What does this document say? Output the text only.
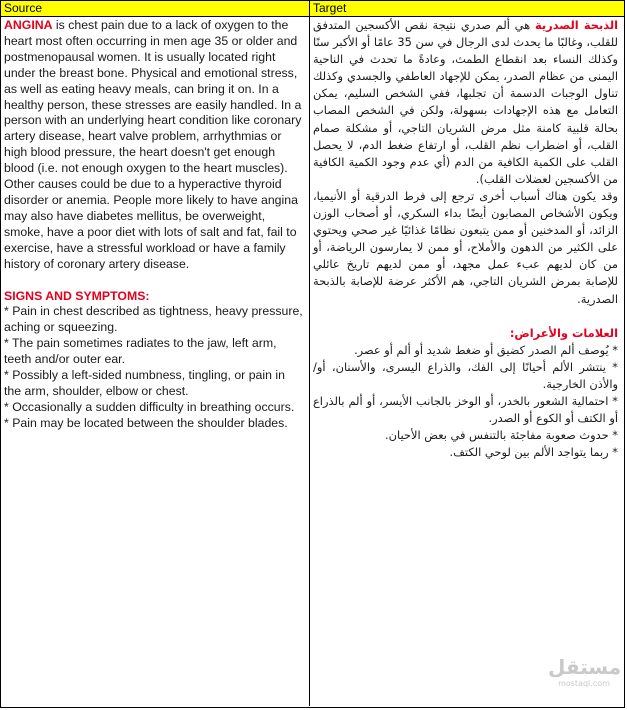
Source	Target

ANGINA is chest pain due to a lack of oxygen to the heart most often occurring in men age 35 or older and postmenopausal women. It is usually located right under the breast bone. Physical and emotional stress, as well as eating heavy meals, can bring it on. In a healthy person, these stresses are easily handled. In a person with an underlying heart condition like coronary artery disease, heart valve problem, arrhythmias or high blood pressure, the heart doesn't get enough blood (i.e. not enough oxygen to the heart muscles). Other causes could be due to a hyperactive thyroid disorder or anemia. People more likely to have angina may also have diabetes mellitus, be overweight, smoke, have a poor diet with lots of salt and fat, fail to exercise, have a stressful workload or have a family history of coronary artery disease.

SIGNS AND SYMPTOMS:

* Pain in chest described as tightness, heavy pressure, aching or squeezing.

* The pain sometimes radiates to the jaw, left arm, teeth and/or outer ear.

* Possibly a left-sided numbness, tingling, or pain in the arm, shoulder, elbow or chest.

* Occasionally a sudden difficulty in breathing occurs.

* Pain may be located between the shoulder blades.

الذبحة الصدرية هي ألم صدري نتيجة نقص الأكسجين المتدفق للقلب، وغالبًا ما يحدث لدى الرجال في سن 35 عامًا أو الأكبر سنًا وكذلك النساء بعد انقطاع الطمث، وعادةً ما تحدث في الناحية اليمنى من عظام الصدر، يمكن للإجهاد العاطفي والجسدي وكذلك تناول الوجبات الدسمة أن تجلبها، ففي الشخص السليم، يمكن التعامل مع هذه الإجهادات بسهولة، ولكن في الشخص المصاب بحالة قلبية كامنة مثل مرض الشريان التاجي، أو مشكلة صمام القلب، أو اضطراب نظم القلب، أو ارتفاع ضغط الدم، لا يحصل القلب على الكمية الكافية من الدم (أي عدم وجود الكمية الكافية من الأكسجين لعضلات القلب).

وقد يكون هناك أسباب أخرى ترجع إلى فرط الدرقية أو الأنيميا، ويكون الأشخاص المصابون أيضًا بداء السكري، أو أصحاب الوزن الزائد، أو المدخنين أو ممن يتبعون نظامًا غذائيًا غير صحي ويحتوي على الكثير من الدهون والأملاح، أو ممن لا يمارسون الرياضة، أو من كان لديهم عبء عمل مجهد، أو ممن لديهم تاريخ عائلي للإصابة بمرض الشريان التاجي، هم الأكثر عرضة للإصابة بالذبحة الصدرية.

العلامات والأعراض:

* يُوصف ألم الصدر كضيق أو ضغط شديد أو ألم أو عصر.

* ينتشر الألم أحيانًا إلى الفك، والذراع اليسرى، والأسنان، أو/ والأذن الخارجية.

* احتمالية الشعور بالخدر، أو الوخز بالجانب الأيسر، أو ألم بالذراع أو الكتف أو الكوع أو الصدر.

* حدوث صعوبة مفاجئة بالتنفس في بعض الأحيان.

* ربما يتواجد الألم بين لوحي الكتف.

مستقل
mostaql.com
